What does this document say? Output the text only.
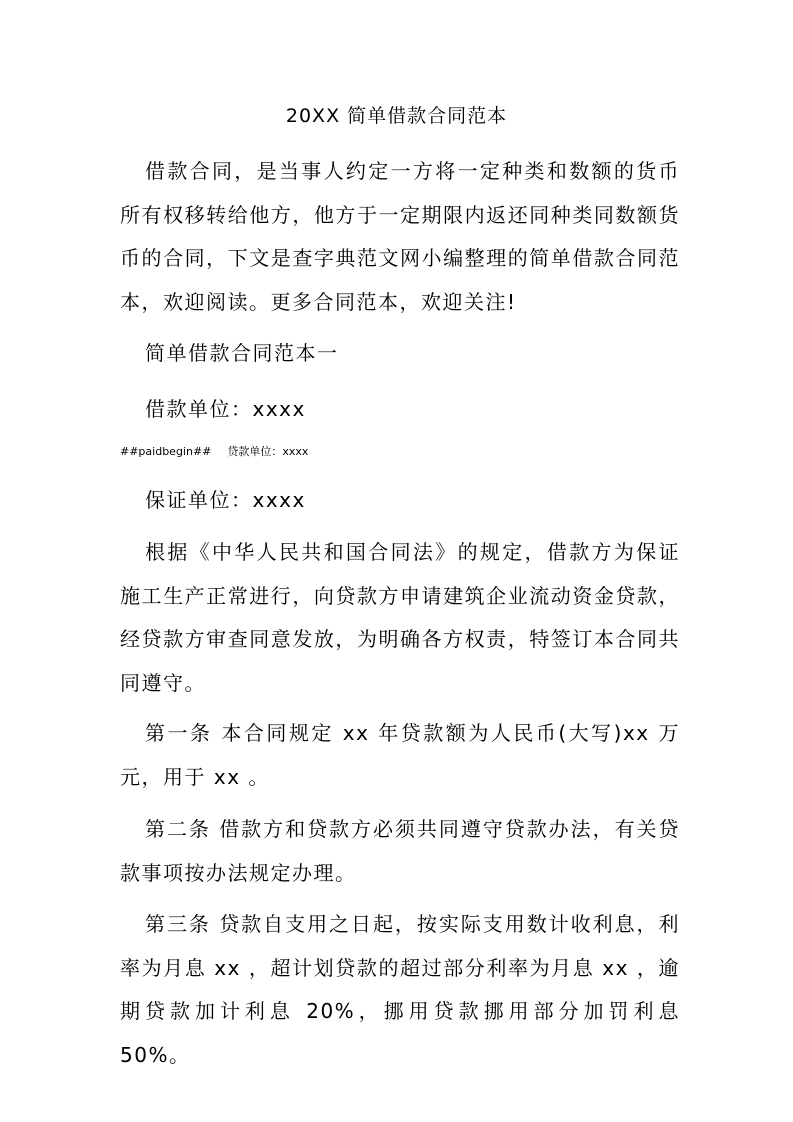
20XX 简单借款合同范本

借款合同，是当事人约定一方将一定种类和数额的货币所有权移转给他方，他方于一定期限内返还同种类同数额货币的合同，下文是查字典范文网小编整理的简单借款合同范本，欢迎阅读。更多合同范本，欢迎关注!

简单借款合同范本一
借款单位：xxxx
##paidbegin## 贷款单位：xxxx
保证单位：xxxx

根据《中华人民共和国合同法》的规定，借款方为保证施工生产正常进行，向贷款方申请建筑企业流动资金贷款，经贷款方审查同意发放，为明确各方权责，特签订本合同共同遵守。

第一条 本合同规定 xx 年贷款额为人民币(大写)xx 万元，用于 xx 。

第二条 借款方和贷款方必须共同遵守贷款办法，有关贷款事项按办法规定办理。

第三条 贷款自支用之日起，按实际支用数计收利息，利率为月息 xx ，超计划贷款的超过部分利率为月息 xx ，逾期贷款加计利息 20%，挪用贷款挪用部分加罚利息 50%。
